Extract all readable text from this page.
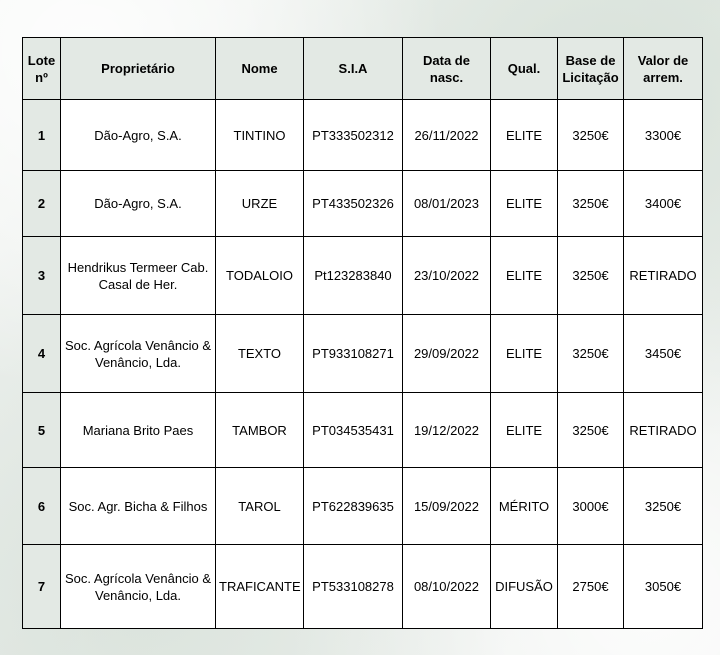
Lote nº	Proprietário	Nome	S.I.A	Data de nasc.	Qual.	Base de Licitação	Valor de arrem.
1	Dão-Agro, S.A.	TINTINO	PT333502312	26/11/2022	ELITE	3250€	3300€
2	Dão-Agro, S.A.	URZE	PT433502326	08/01/2023	ELITE	3250€	3400€
3	Hendrikus Termeer Cab. Casal de Her.	TODALOIO	Pt123283840	23/10/2022	ELITE	3250€	RETIRADO
4	Soc. Agrícola Venâncio & Venâncio, Lda.	TEXTO	PT933108271	29/09/2022	ELITE	3250€	3450€
5	Mariana Brito Paes	TAMBOR	PT034535431	19/12/2022	ELITE	3250€	RETIRADO
6	Soc. Agr. Bicha & Filhos	TAROL	PT622839635	15/09/2022	MÉRITO	3000€	3250€
7	Soc. Agrícola Venâncio & Venâncio, Lda.	TRAFICANTE	PT533108278	08/10/2022	DIFUSÃO	2750€	3050€
